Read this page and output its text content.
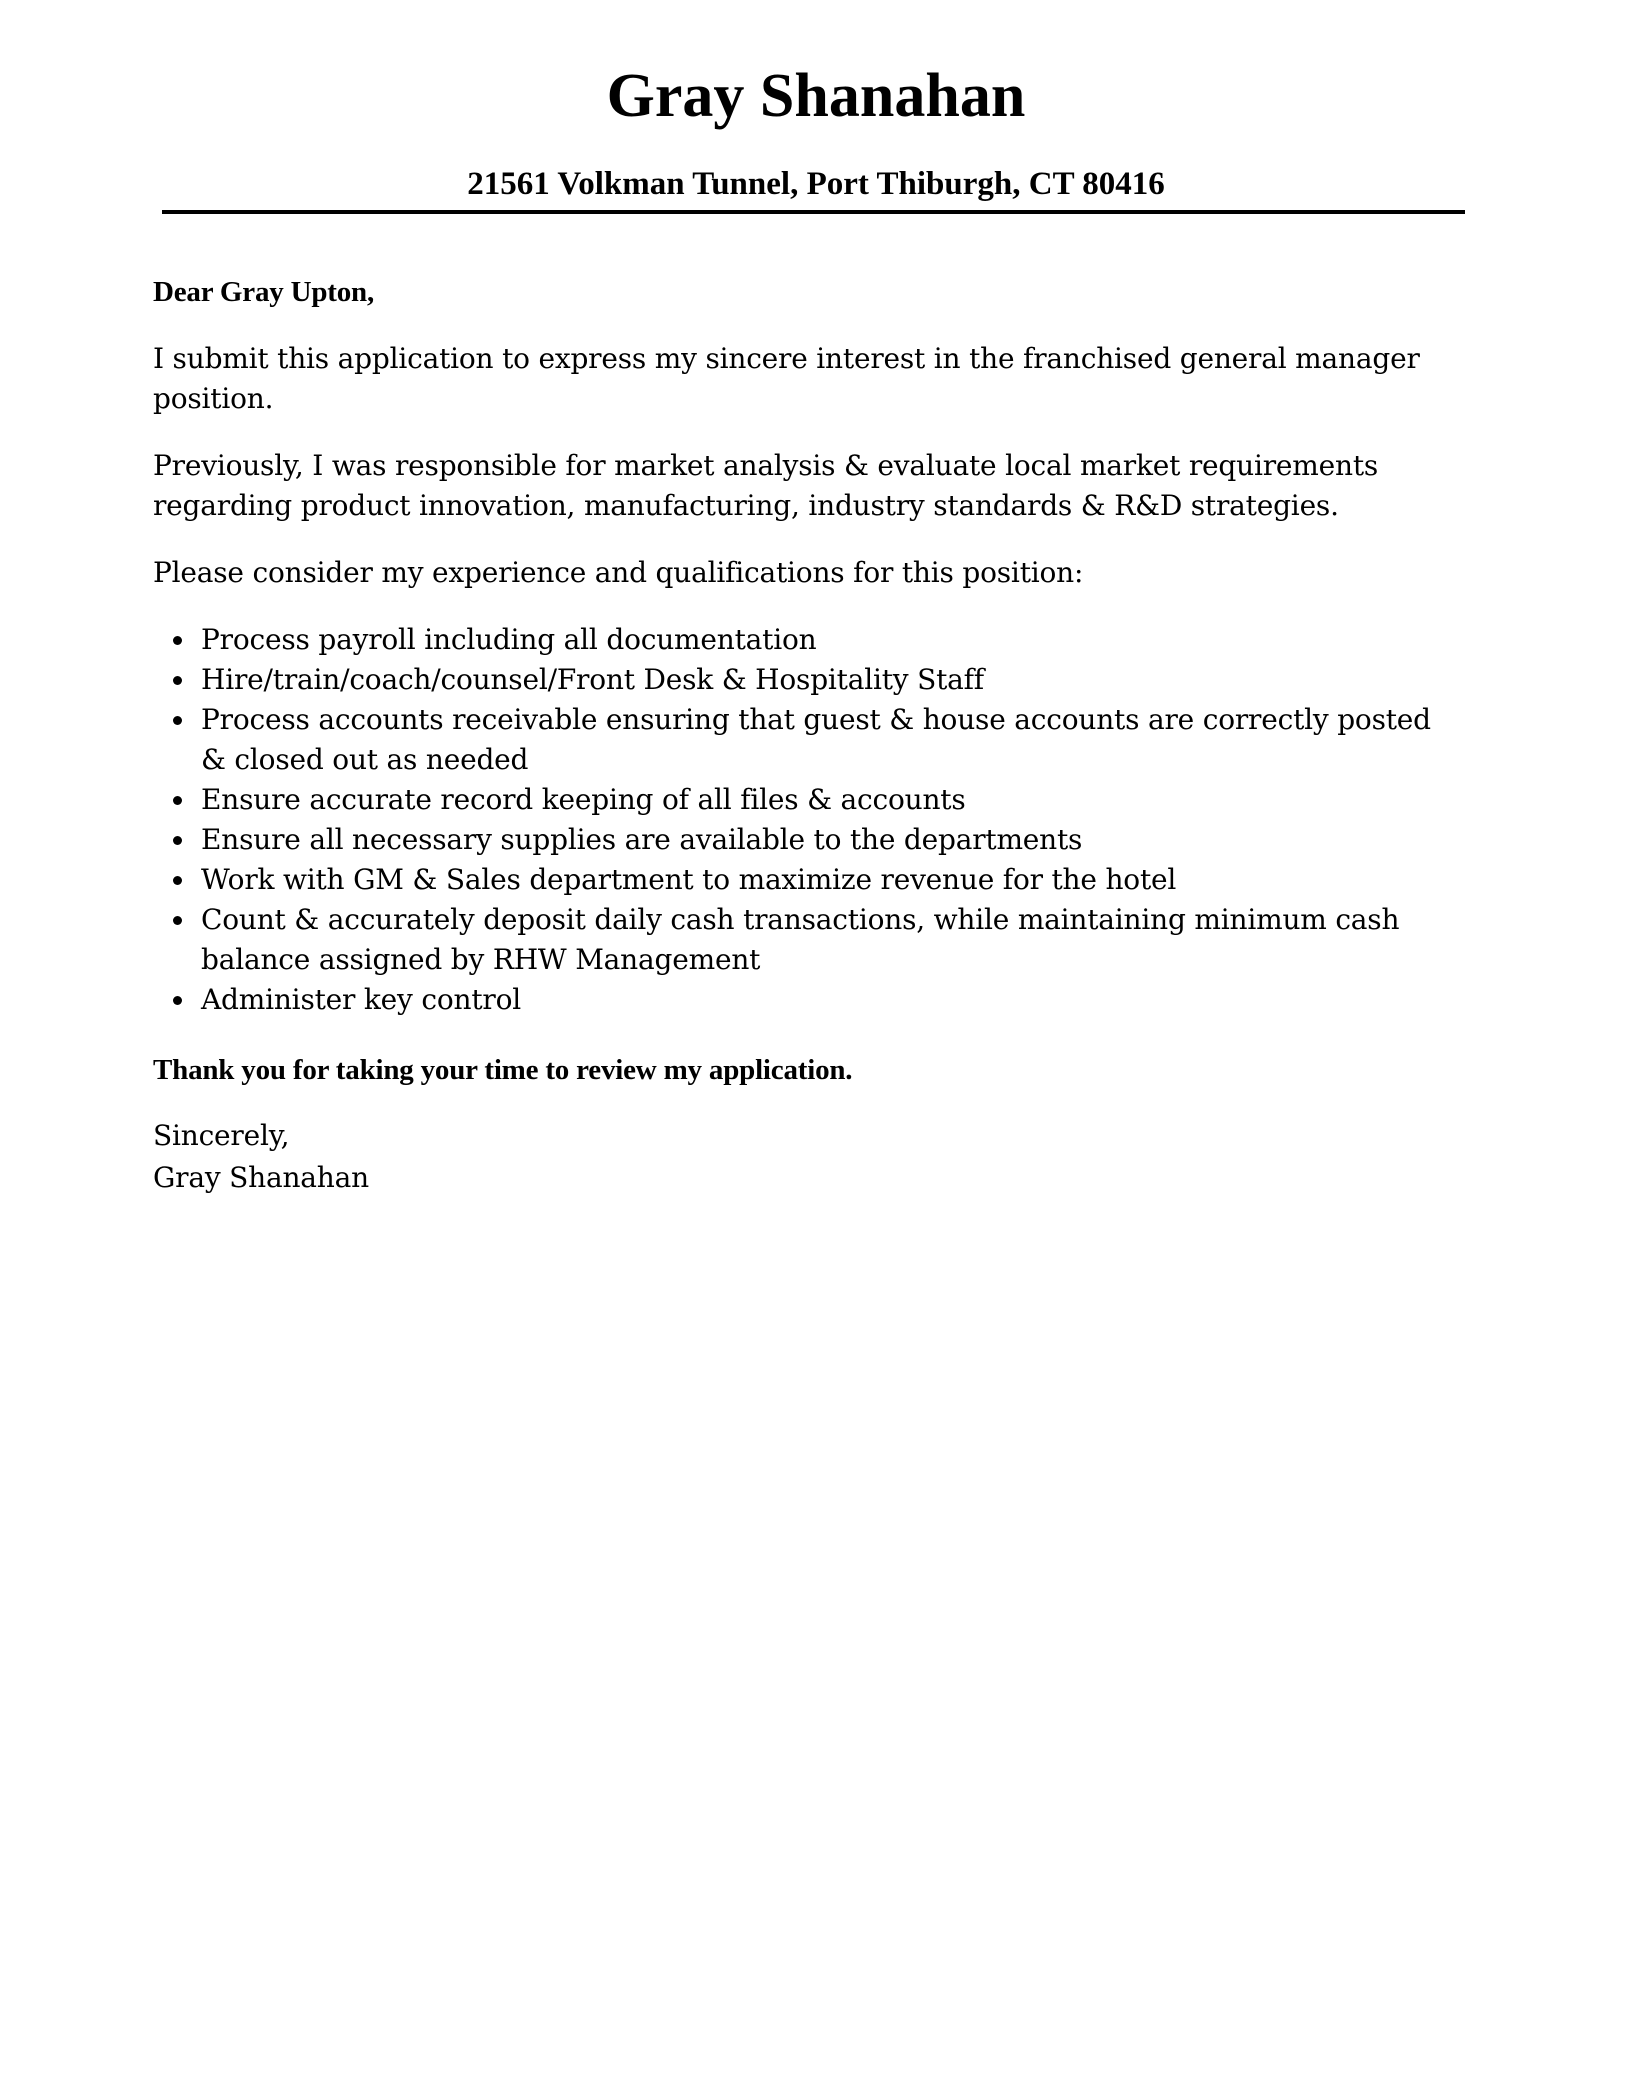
Gray Shanahan

21561 Volkman Tunnel, Port Thiburgh, CT 80416

Dear Gray Upton,

I submit this application to express my sincere interest in the franchised general manager position.

Previously, I was responsible for market analysis & evaluate local market requirements regarding product innovation, manufacturing, industry standards & R&D strategies.

Please consider my experience and qualifications for this position:

Process payroll including all documentation
Hire/train/coach/counsel/Front Desk & Hospitality Staff
Process accounts receivable ensuring that guest & house accounts are correctly posted & closed out as needed
Ensure accurate record keeping of all files & accounts
Ensure all necessary supplies are available to the departments
Work with GM & Sales department to maximize revenue for the hotel
Count & accurately deposit daily cash transactions, while maintaining minimum cash balance assigned by RHW Management
Administer key control

Thank you for taking your time to review my application.

Sincerely,

Gray Shanahan
